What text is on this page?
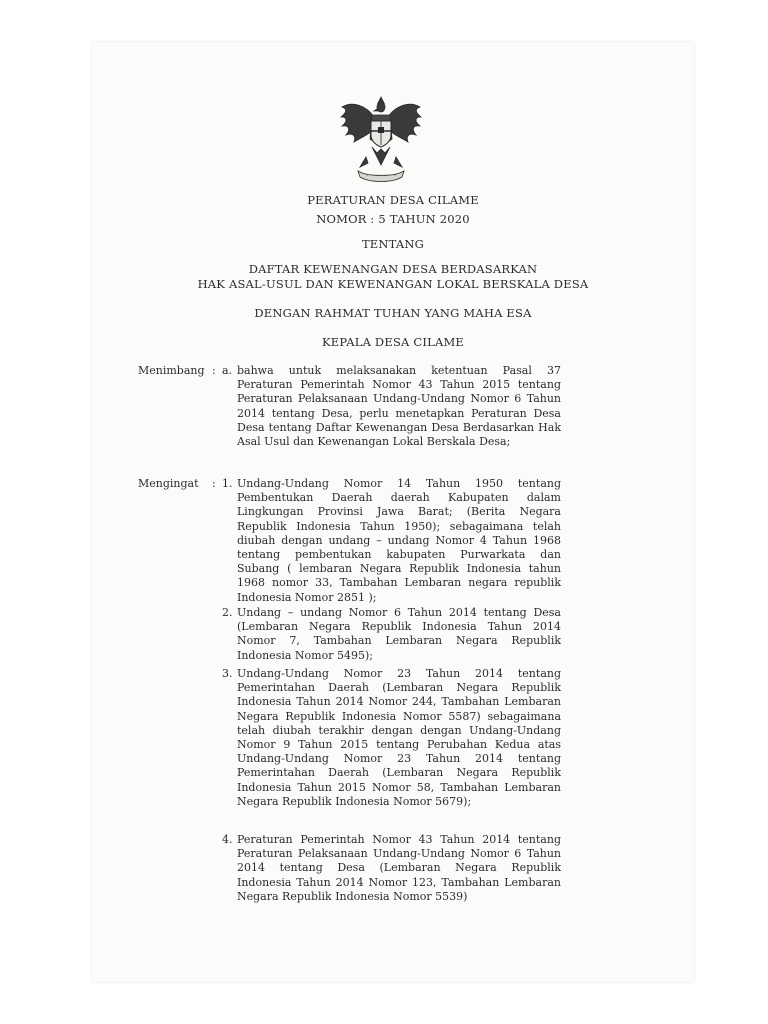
PERATURAN DESA CILAME
NOMOR : 5 TAHUN 2020
TENTANG
DAFTAR KEWENANGAN DESA BERDASARKAN
HAK ASAL-USUL DAN KEWENANGAN LOKAL BERSKALA DESA
DENGAN RAHMAT TUHAN YANG MAHA ESA
KEPALA DESA CILAME
Menimbang : a. bahwa untuk melaksanakan ketentuan Pasal 37 Peraturan Pemerintah Nomor 43 Tahun 2015 tentang Peraturan Pelaksanaan Undang-Undang Nomor 6 Tahun 2014 tentang Desa, perlu menetapkan Peraturan Desa Desa tentang Daftar Kewenangan Desa Berdasarkan Hak Asal Usul dan Kewenangan Lokal Berskala Desa;
Mengingat : 1. Undang-Undang Nomor 14 Tahun 1950 tentang Pembentukan Daerah daerah Kabupaten dalam Lingkungan Provinsi Jawa Barat; (Berita Negara Republik Indonesia Tahun 1950); sebagaimana telah diubah dengan undang – undang Nomor 4 Tahun 1968 tentang pembentukan kabupaten Purwarkata dan Subang ( lembaran Negara Republik Indonesia tahun 1968 nomor 33, Tambahan Lembaran negara republik Indonesia Nomor 2851 );
2. Undang – undang Nomor 6 Tahun 2014 tentang Desa (Lembaran Negara Republik Indonesia Tahun 2014 Nomor 7, Tambahan Lembaran Negara Republik Indonesia Nomor 5495);
3. Undang-Undang Nomor 23 Tahun 2014 tentang Pemerintahan Daerah (Lembaran Negara Republik Indonesia Tahun 2014 Nomor 244, Tambahan Lembaran Negara Republik Indonesia Nomor 5587) sebagaimana telah diubah terakhir dengan dengan Undang-Undang Nomor 9 Tahun 2015 tentang Perubahan Kedua atas Undang-Undang Nomor 23 Tahun 2014 tentang Pemerintahan Daerah (Lembaran Negara Republik Indonesia Tahun 2015 Nomor 58, Tambahan Lembaran Negara Republik Indonesia Nomor 5679);
4. Peraturan Pemerintah Nomor 43 Tahun 2014 tentang Peraturan Pelaksanaan Undang-Undang Nomor 6 Tahun 2014 tentang Desa (Lembaran Negara Republik Indonesia Tahun 2014 Nomor 123, Tambahan Lembaran Negara Republik Indonesia Nomor 5539)
